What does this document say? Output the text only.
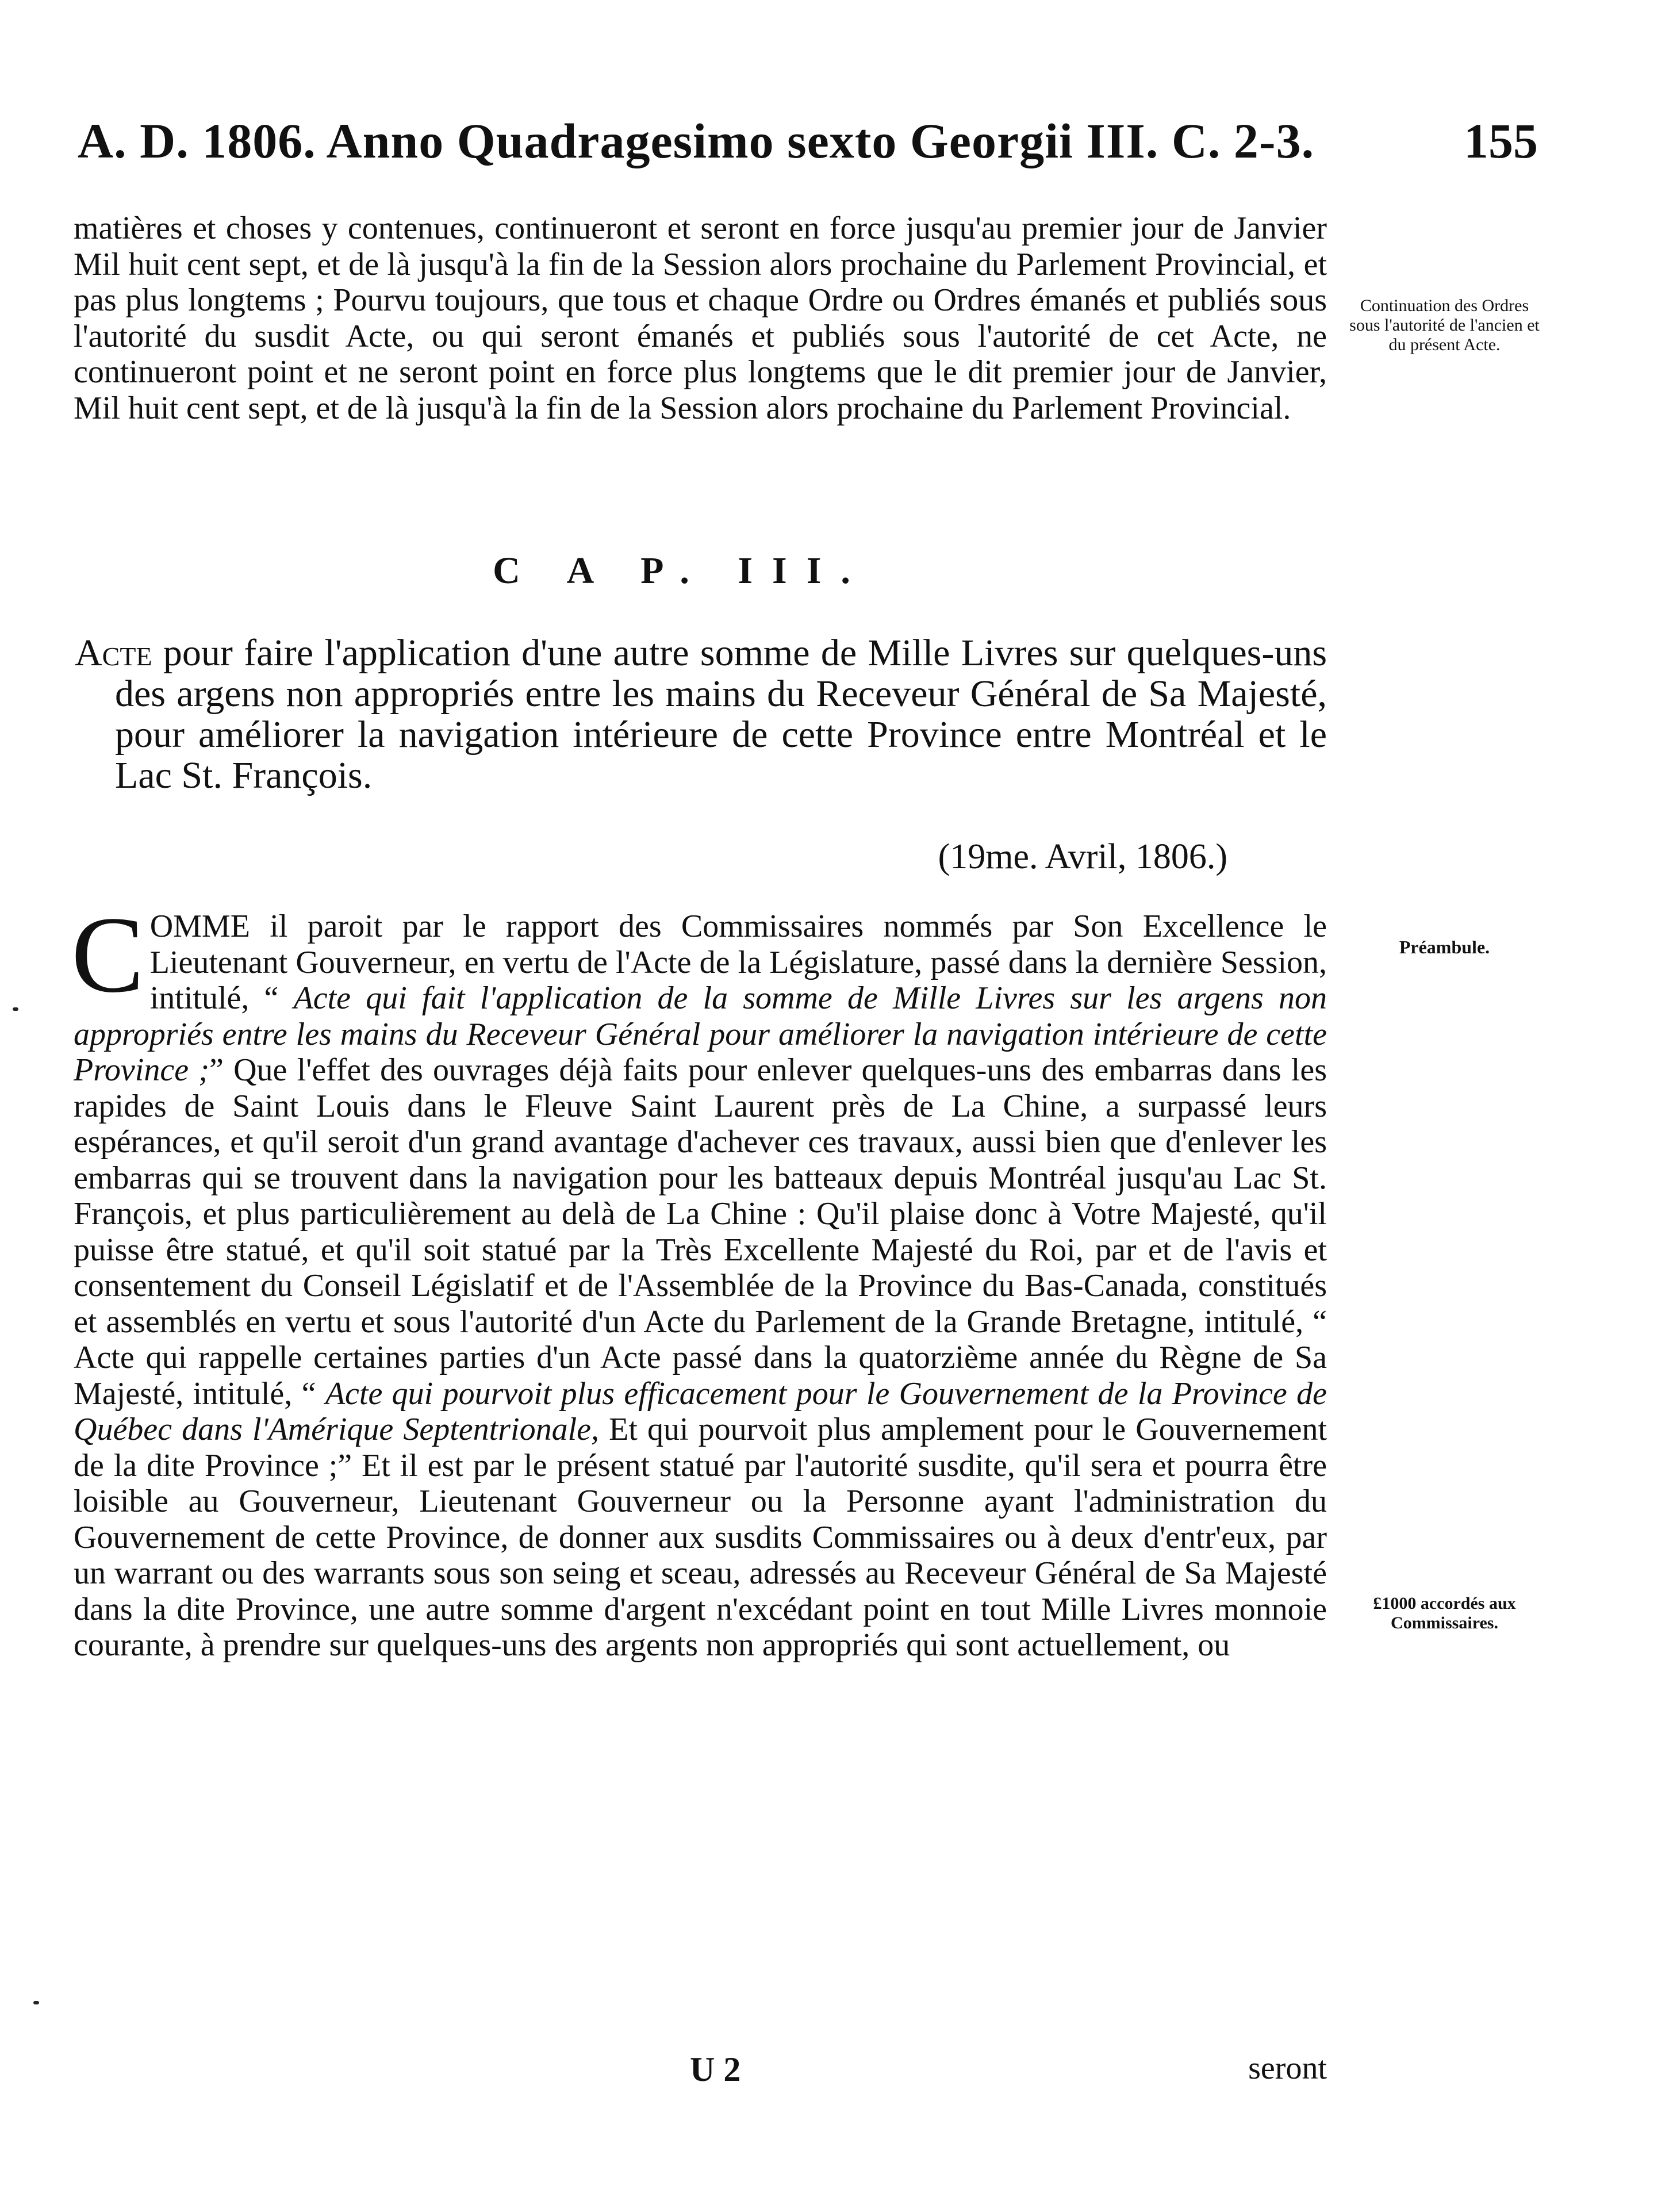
A. D. 1806. Anno Quadragesimo sexto Georgii III. C. 2-3.	155

matières et choses y contenues, continueront et seront en force jusqu'au premier jour de Janvier Mil huit cent sept, et de là jusqu'à la fin de la Session alors prochaine du Parlement Provincial, et pas plus longtems ; Pourvu toujours, que tous et chaque Ordre ou Ordres émanés et publiés sous l'autorité du susdit Acte, ou qui seront émanés et publiés sous l'autorité de cet Acte, ne continueront point et ne seront point en force plus longtems que le dit premier jour de Janvier, Mil huit cent sept, et de là jusqu'à la fin de la Session alors prochaine du Parlement Provincial.

Continuation des Ordres sous l'autorité de l'ancien et du présent Acte.
C A P. III.
Acte pour faire l'application d'une autre somme de Mille Livres sur quelques-uns des argens non appropriés entre les mains du Receveur Général de Sa Majesté, pour améliorer la navigation intérieure de cette Province entre Montréal et le Lac St. François.
(19me. Avril, 1806.)

COMME il paroit par le rapport des Commissaires nommés par Son Excellence le Lieutenant Gouverneur, en vertu de l'Acte de la Législature, passé dans la dernière Session, intitulé, “ Acte qui fait l'application de la somme de Mille Livres sur les argens non appropriés entre les mains du Receveur Général pour améliorer la navigation intérieure de cette Province ;” Que l'effet des ouvrages déjà faits pour enlever quelques-uns des embarras dans les rapides de Saint Louis dans le Fleuve Saint Laurent près de La Chine, a surpassé leurs espérances, et qu'il seroit d'un grand avantage d'achever ces travaux, aussi bien que d'enlever les embarras qui se trouvent dans la navigation pour les batteaux depuis Montréal jusqu'au Lac St. François, et plus particulièrement au delà de La Chine : Qu'il plaise donc à Votre Majesté, qu'il puisse être statué, et qu'il soit statué par la Très Excellente Majesté du Roi, par et de l'avis et consentement du Conseil Législatif et de l'Assemblée de la Province du Bas-Canada, constitués et assemblés en vertu et sous l'autorité d'un Acte du Parlement de la Grande Bretagne, intitulé, “ Acte qui rappelle certaines parties d'un Acte passé dans la quatorzième année du Règne de Sa Majesté, intitulé, “ Acte qui pourvoit plus efficacement pour le Gouvernement de la Province de Québec dans l'Amérique Septentrionale, Et qui pourvoit plus amplement pour le Gouvernement de la dite Province ;” Et il est par le présent statué par l'autorité susdite, qu'il sera et pourra être loisible au Gouverneur, Lieutenant Gouverneur ou la Personne ayant l'administration du Gouvernement de cette Province, de donner aux susdits Commissaires ou à deux d'entr'eux, par un warrant ou des warrants sous son seing et sceau, adressés au Receveur Général de Sa Majesté dans la dite Province, une autre somme d'argent n'excédant point en tout Mille Livres monnoie courante, à prendre sur quelques-uns des argents non appropriés qui sont actuellement, ou

Préambule.
£1000 accordés aux Commissaires.
U 2	seront
